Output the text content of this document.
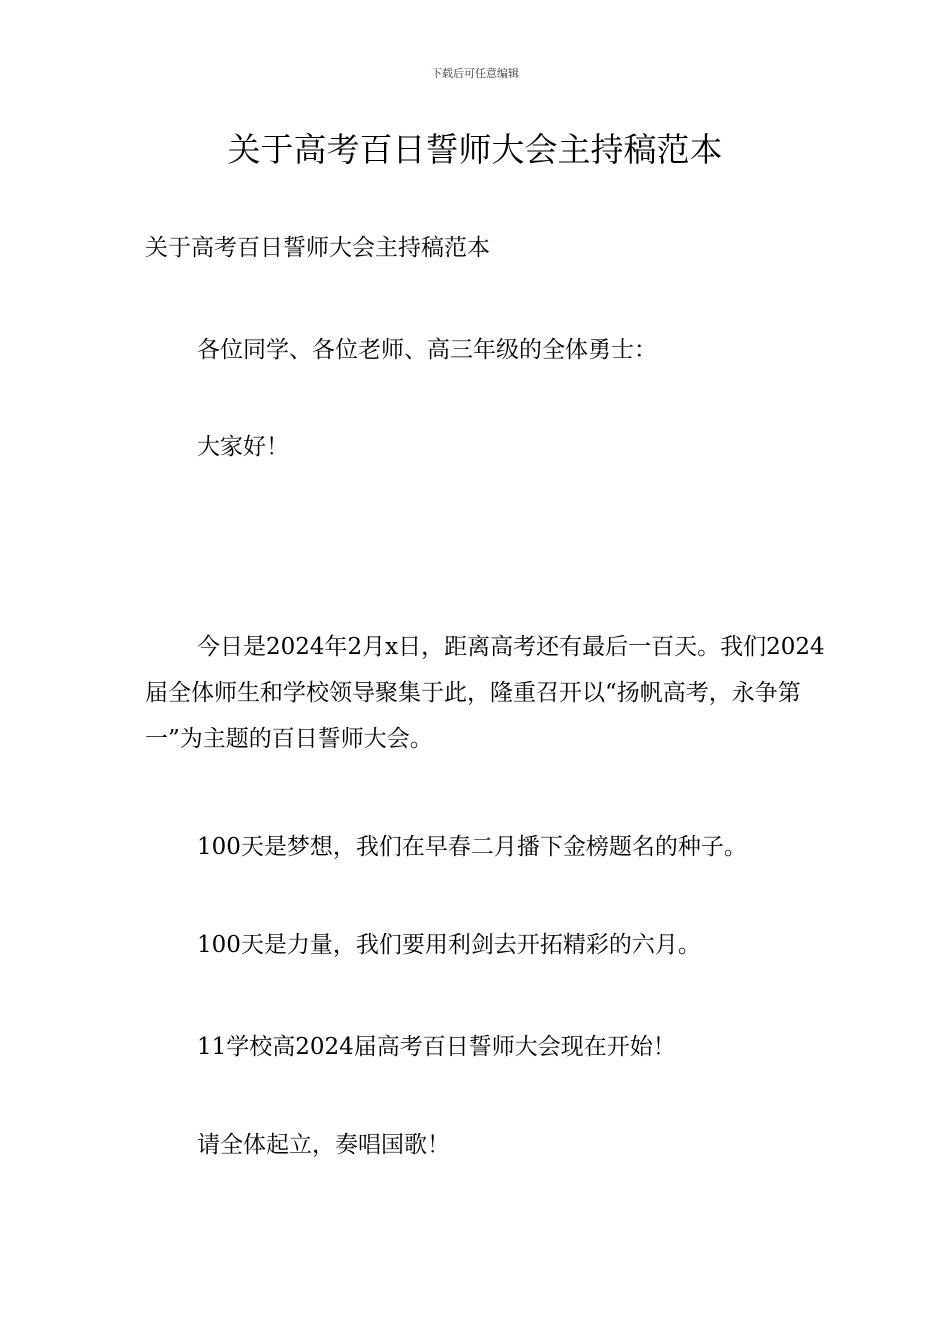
下载后可任意编辑
关于高考百日誓师大会主持稿范本

关于高考百日誓师大会主持稿范本

各位同学、各位老师、高三年级的全体勇士：

大家好！

今日是2024年2月x日，距离高考还有最后一百天。我们2024届全体师生和学校领导聚集于此，隆重召开以“扬帆高考，永争第一”为主题的百日誓师大会。

100天是梦想，我们在早春二月播下金榜题名的种子。

100天是力量，我们要用利剑去开拓精彩的六月。

11学校高2024届高考百日誓师大会现在开始！

请全体起立，奏唱国歌！
